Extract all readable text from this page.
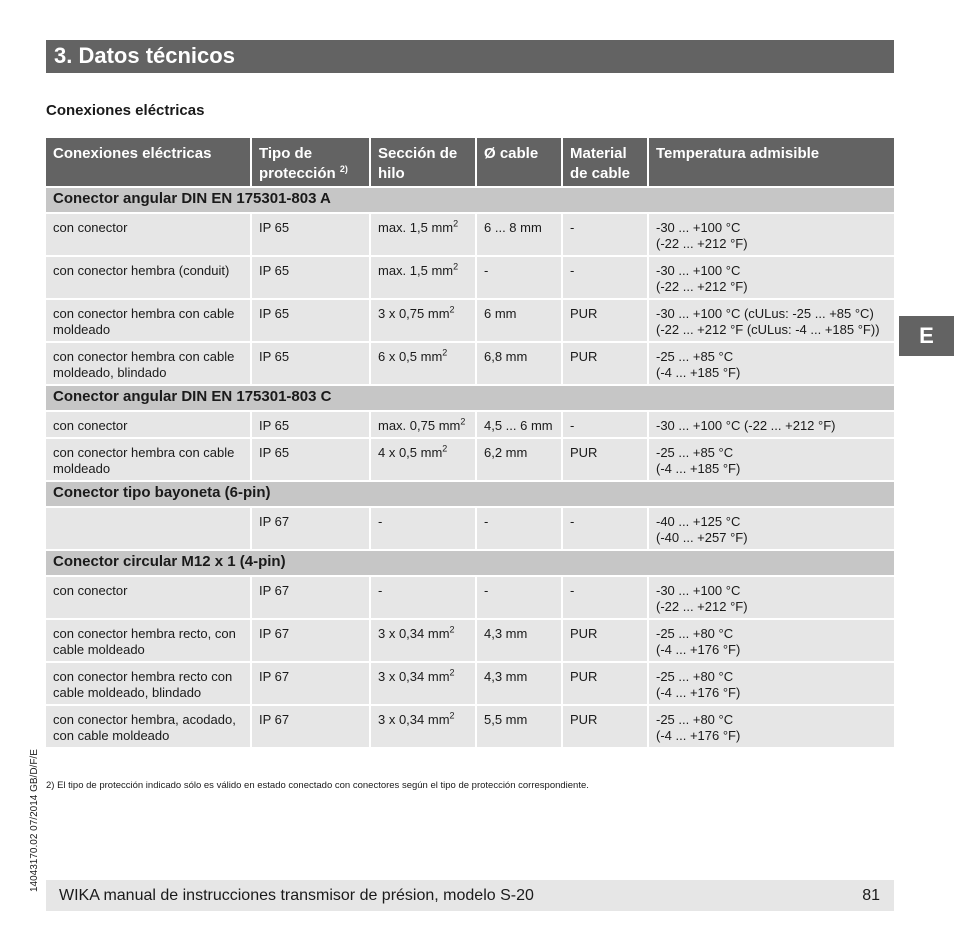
3. Datos técnicos
Conexiones eléctricas
Conexiones eléctricas	Tipo de protección $^{2)}$	Sección de hilo	Ø cable	Material de cable	Temperatura admisible
Conector angular DIN EN 175301-803 A					
con conector	IP 65	max. 1,5 $mm^2$	6 ... 8 mm	-	-30 ... +100 °C
(-22 ... +212 °F)

con conector hembra (conduit)	IP 65	max. 1,5 $mm^2$	-	-	-30 ... +100 °C
(-22 ... +212 °F)

con conector hembra con cable moldeado	IP 65	3 x 0,75 $mm^2$	6 mm	PUR	-30 ... +100 °C (cULus: -25 ... +85 °C)
(-22 ... +212 °F (cULus: -4 ... +185 °F))

con conector hembra con cable moldeado, blindado	IP 65	6 x 0,5 $mm^2$	6,8 mm	PUR	-25 ... +85 °C
(-4 ... +185 °F)

Conector angular DIN EN 175301-803 C					
con conector	IP 65	max. 0,75 $mm^2$	4,5 ... 6 mm	-	-30 ... +100 °C (-22 ... +212 °F)

con conector hembra con cable moldeado	IP 65	4 x 0,5 $mm^2$	6,2 mm	PUR	-25 ... +85 °C
(-4 ... +185 °F)

Conector tipo bayoneta (6-pin)					
	IP 67	-	-	-	-40 ... +125 °C
(-40 ... +257 °F)

Conector circular M12 x 1 (4-pin)					
con conector	IP 67	-	-	-	-30 ... +100 °C
(-22 ... +212 °F)

con conector hembra recto, con cable moldeado	IP 67	3 x 0,34 $mm^2$	4,3 mm	PUR	-25 ... +80 °C
(-4 ... +176 °F)

con conector hembra recto con cable moldeado, blindado	IP 67	3 x 0,34 $mm^2$	4,3 mm	PUR	-25 ... +80 °C
(-4 ... +176 °F)

con conector hembra, acodado, con cable moldeado	IP 67	3 x 0,34 $mm^2$	5,5 mm	PUR	-25 ... +80 °C
(-4 ... +176 °F)
E
2) El tipo de protección indicado sólo es válido en estado conectado con conectores según el tipo de protección correspondiente.
14043170.02 07/2014 GB/D/F/E
WIKA manual de instrucciones transmisor de présion, modelo S-20	81
